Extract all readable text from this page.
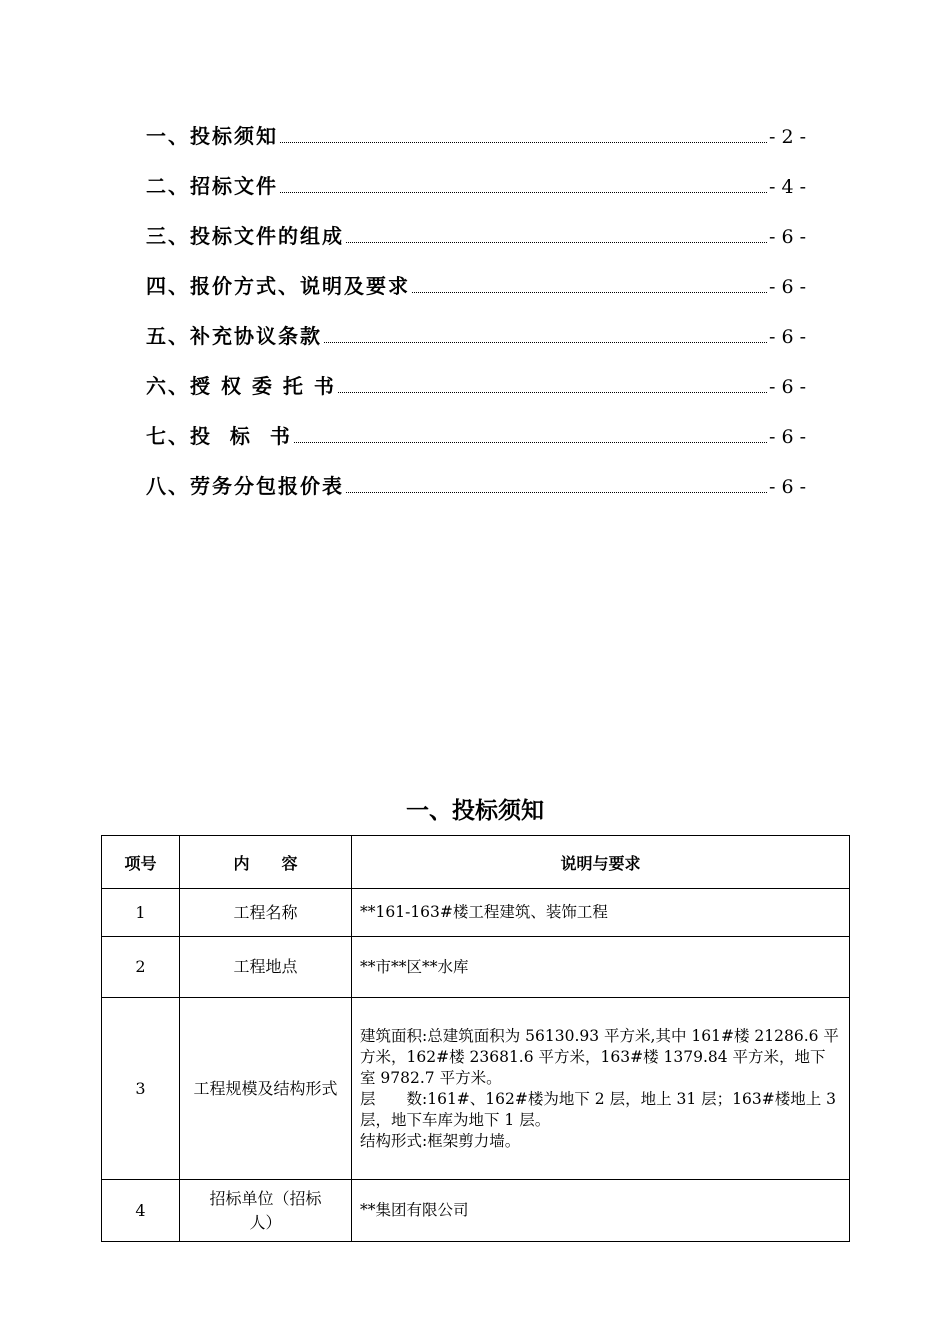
一、投标须知	- 2 -
二、招标文件	- 4 -
三、投标文件的组成	- 6 -
四、报价方式、说明及要求	- 6 -
五、补充协议条款	- 6 -
六、授 权 委 托 书	- 6 -
七、投  标  书	- 6 -
八、劳务分包报价表	- 6 -
一、投标须知
项号	内　　容	说明与要求
1	工程名称	**161-163#楼工程建筑、装饰工程

2	工程地点	**市**区**水库

3	工程规模及结构形式	建筑面积:总建筑面积为 56130.93 平方米,其中 161#楼 21286.6 平方米，162#楼 23681.6 平方米，163#楼 1379.84 平方米，地下室 9782.7 平方米。
层　　数:161#、162#楼为地下 2 层，地上 31 层；163#楼地上 3 层，地下车库为地下 1 层。
结构形式:框架剪力墙。

4	招标单位（招标人）	**集团有限公司
